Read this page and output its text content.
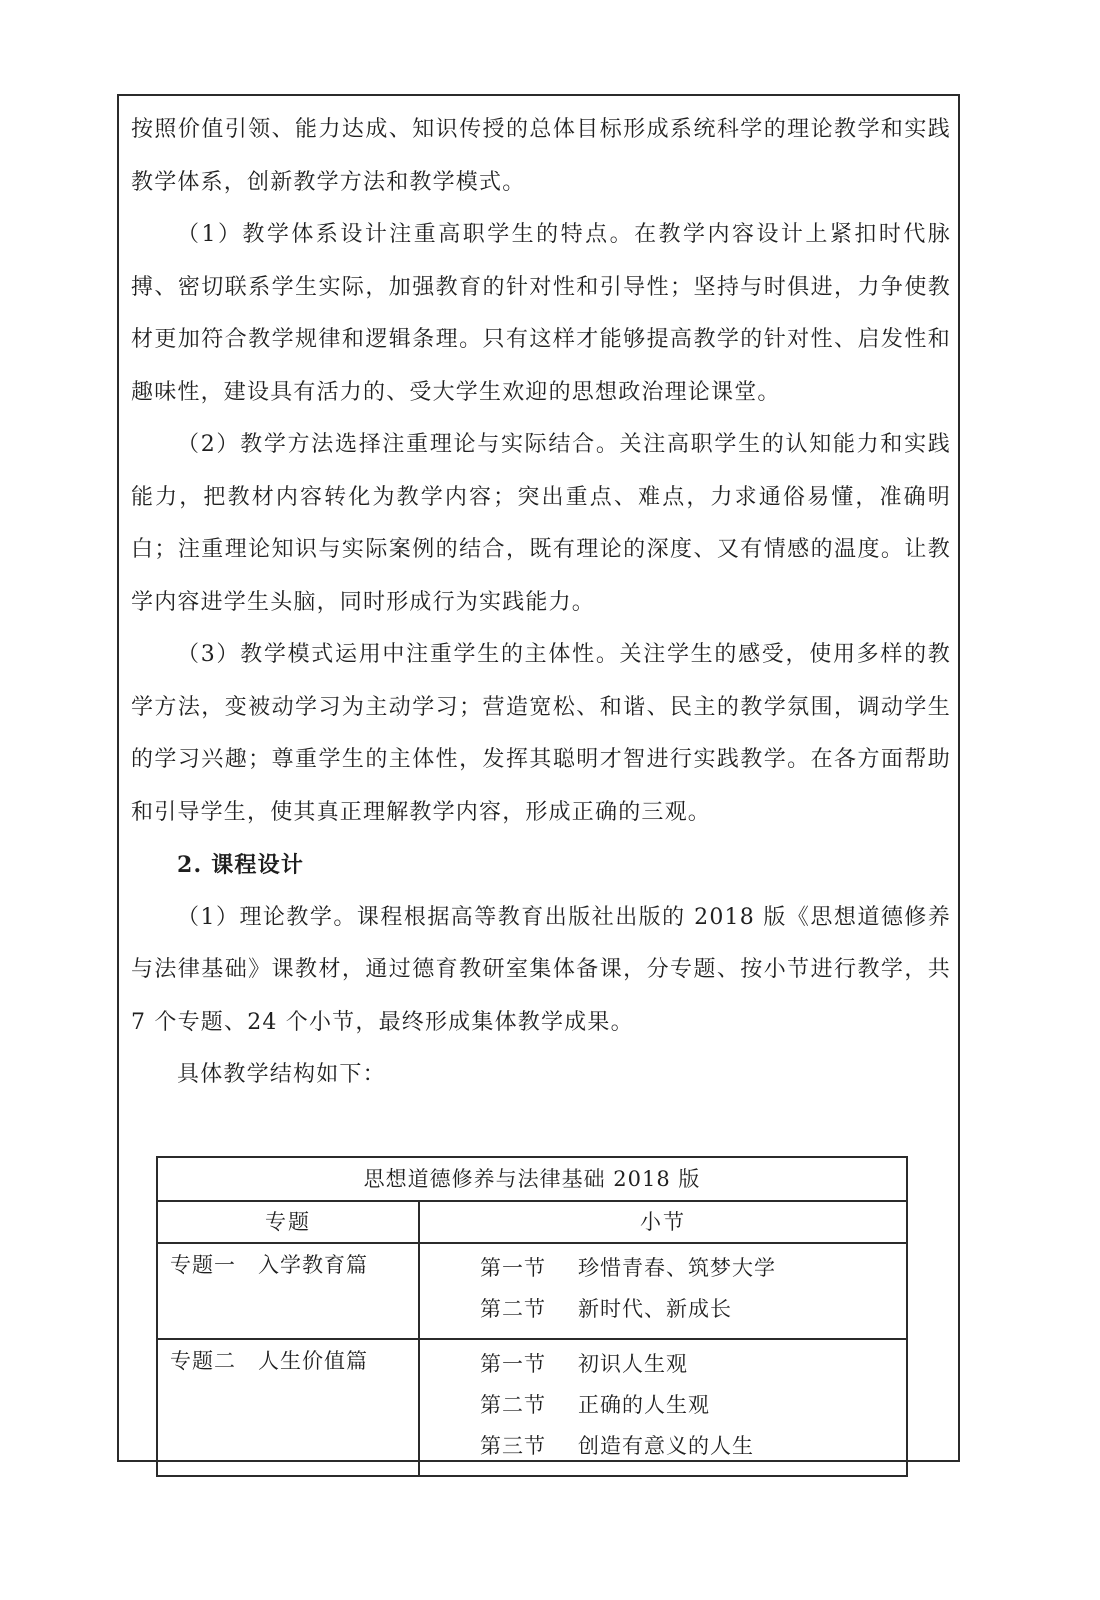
按照价值引领、能力达成、知识传授的总体目标形成系统科学的理论教学和实践教学体系，创新教学方法和教学模式。

（1）教学体系设计注重高职学生的特点。在教学内容设计上紧扣时代脉搏、密切联系学生实际，加强教育的针对性和引导性；坚持与时俱进，力争使教材更加符合教学规律和逻辑条理。只有这样才能够提高教学的针对性、启发性和趣味性，建设具有活力的、受大学生欢迎的思想政治理论课堂。

（2）教学方法选择注重理论与实际结合。关注高职学生的认知能力和实践能力，把教材内容转化为教学内容；突出重点、难点，力求通俗易懂，准确明白；注重理论知识与实际案例的结合，既有理论的深度、又有情感的温度。让教学内容进学生头脑，同时形成行为实践能力。

（3）教学模式运用中注重学生的主体性。关注学生的感受，使用多样的教学方法，变被动学习为主动学习；营造宽松、和谐、民主的教学氛围，调动学生的学习兴趣；尊重学生的主体性，发挥其聪明才智进行实践教学。在各方面帮助和引导学生，使其真正理解教学内容，形成正确的三观。

2. 课程设计

（1）理论教学。课程根据高等教育出版社出版的 2018 版《思想道德修养与法律基础》课教材，通过德育教研室集体备课，分专题、按小节进行教学，共 7 个专题、24 个小节，最终形成集体教学成果。

具体教学结构如下：

思想道德修养与法律基础 2018 版	
专题	小节

专题一　入学教育篇	第一节 珍惜青春、筑梦大学
第二节 新时代、新成长

专题二　人生价值篇	第一节 初识人生观
第二节 正确的人生观
第三节 创造有意义的人生
